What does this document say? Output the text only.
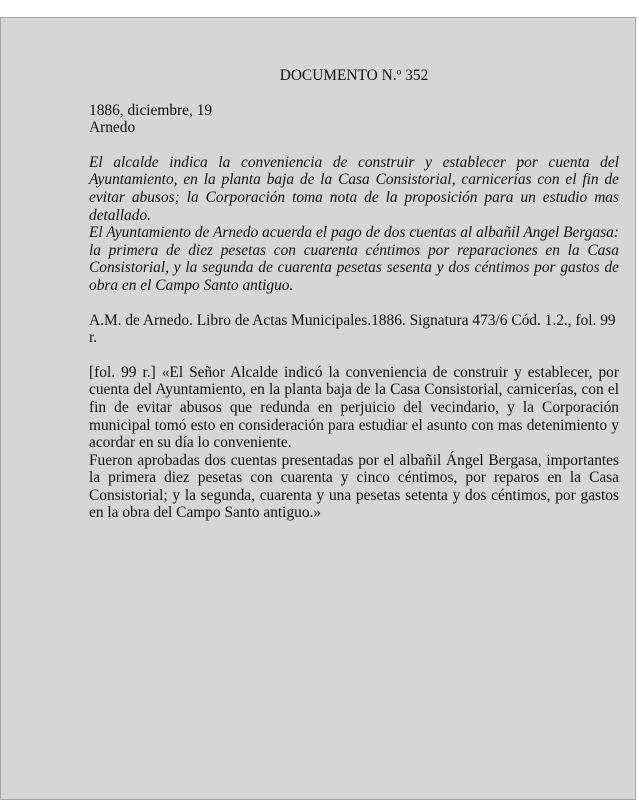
DOCUMENTO N.º 352

1886, diciembre, 19

Arnedo

El alcalde indica la conveniencia de construir y establecer por cuenta del Ayuntamiento, en la planta baja de la Casa Consistorial, carnicerías con el fin de evitar abusos; la Corporación toma nota de la proposición para un estudio mas detallado.

El Ayuntamiento de Arnedo acuerda el pago de dos cuentas al albañil Angel Bergasa: la primera de diez pesetas con cuarenta céntimos por reparaciones en la Casa Consistorial, y la segunda de cuarenta pesetas sesenta y dos céntimos por gastos de obra en el Campo Santo antiguo.

A.M. de Arnedo. Libro de Actas Municipales.1886. Signatura 473/6 Cód. 1.2., fol. 99 r.

[fol. 99 r.] «El Señor Alcalde indicó la conveniencia de construir y establecer, por cuenta del Ayuntamiento, en la planta baja de la Casa Consistorial, carnicerías, con el fin de evitar abusos que redunda en perjuicio del vecindario, y la Corporación municipal tomó esto en consideración para estudiar el asunto con mas detenimiento y acordar en su día lo conveniente.

Fueron aprobadas dos cuentas presentadas por el albañil Ángel Bergasa, importantes la primera diez pesetas con cuarenta y cinco céntimos, por reparos en la Casa Consistorial; y la segunda, cuarenta y una pesetas setenta y dos céntimos, por gastos en la obra del Campo Santo antiguo.»
